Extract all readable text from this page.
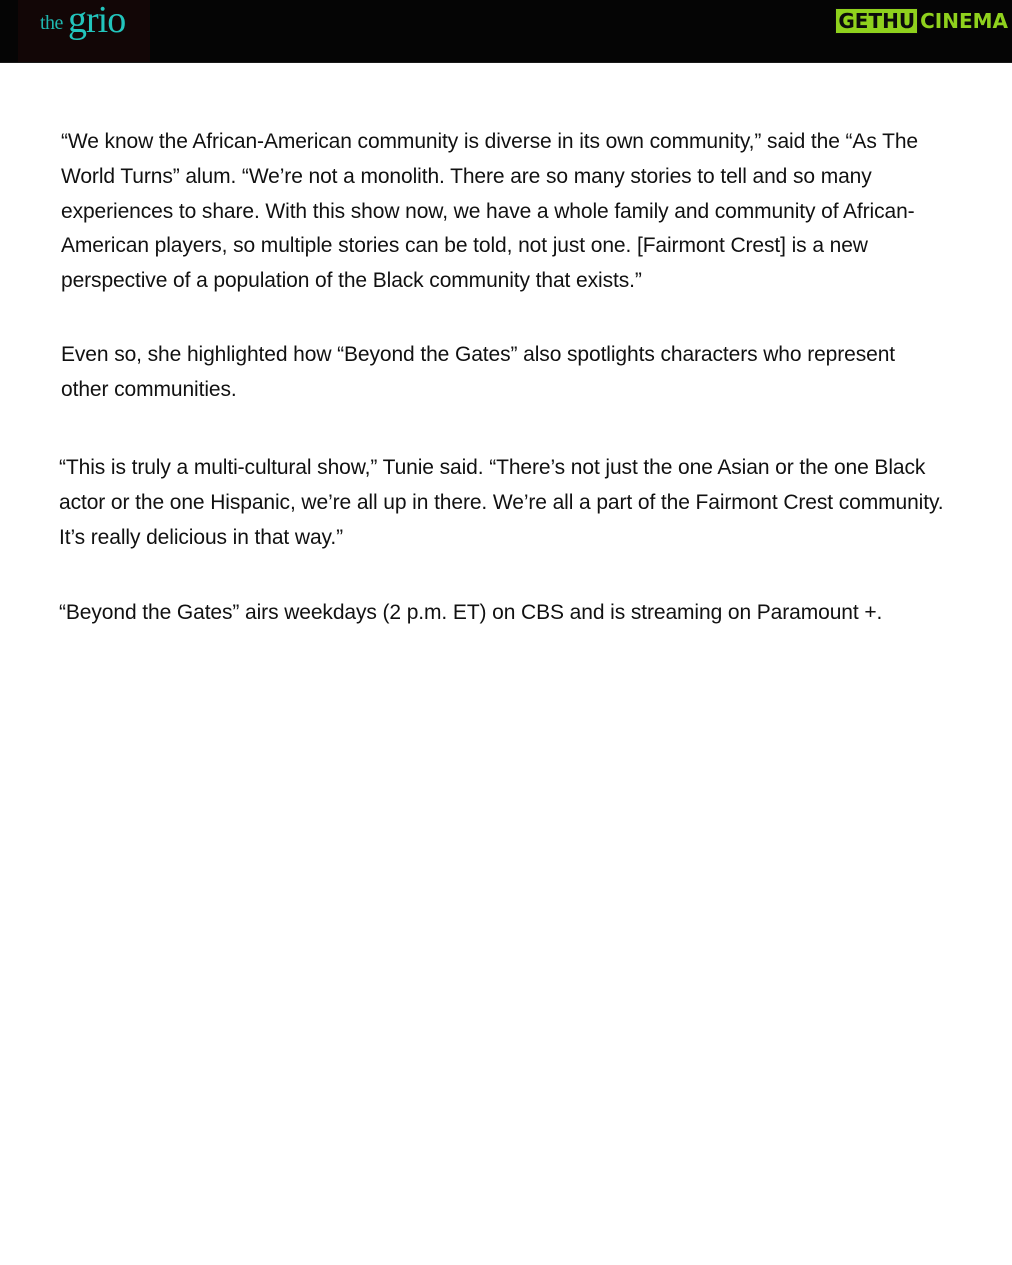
the grio	GETHU CINEMA

“We know the African-American community is diverse in its own community,” said the “As The World Turns” alum. “We’re not a monolith. There are so many stories to tell and so many experiences to share. With this show now, we have a whole family and community of African-American players, so multiple stories can be told, not just one. [Fairmont Crest] is a new perspective of a population of the Black community that exists.”

Even so, she highlighted how “Beyond the Gates” also spotlights characters who represent other communities.

“This is truly a multi-cultural show,” Tunie said. “There’s not just the one Asian or the one Black actor or the one Hispanic, we’re all up in there. We’re all a part of the Fairmont Crest community. It’s really delicious in that way.”

“Beyond the Gates” airs weekdays (2 p.m. ET) on CBS and is streaming on Paramount +.
